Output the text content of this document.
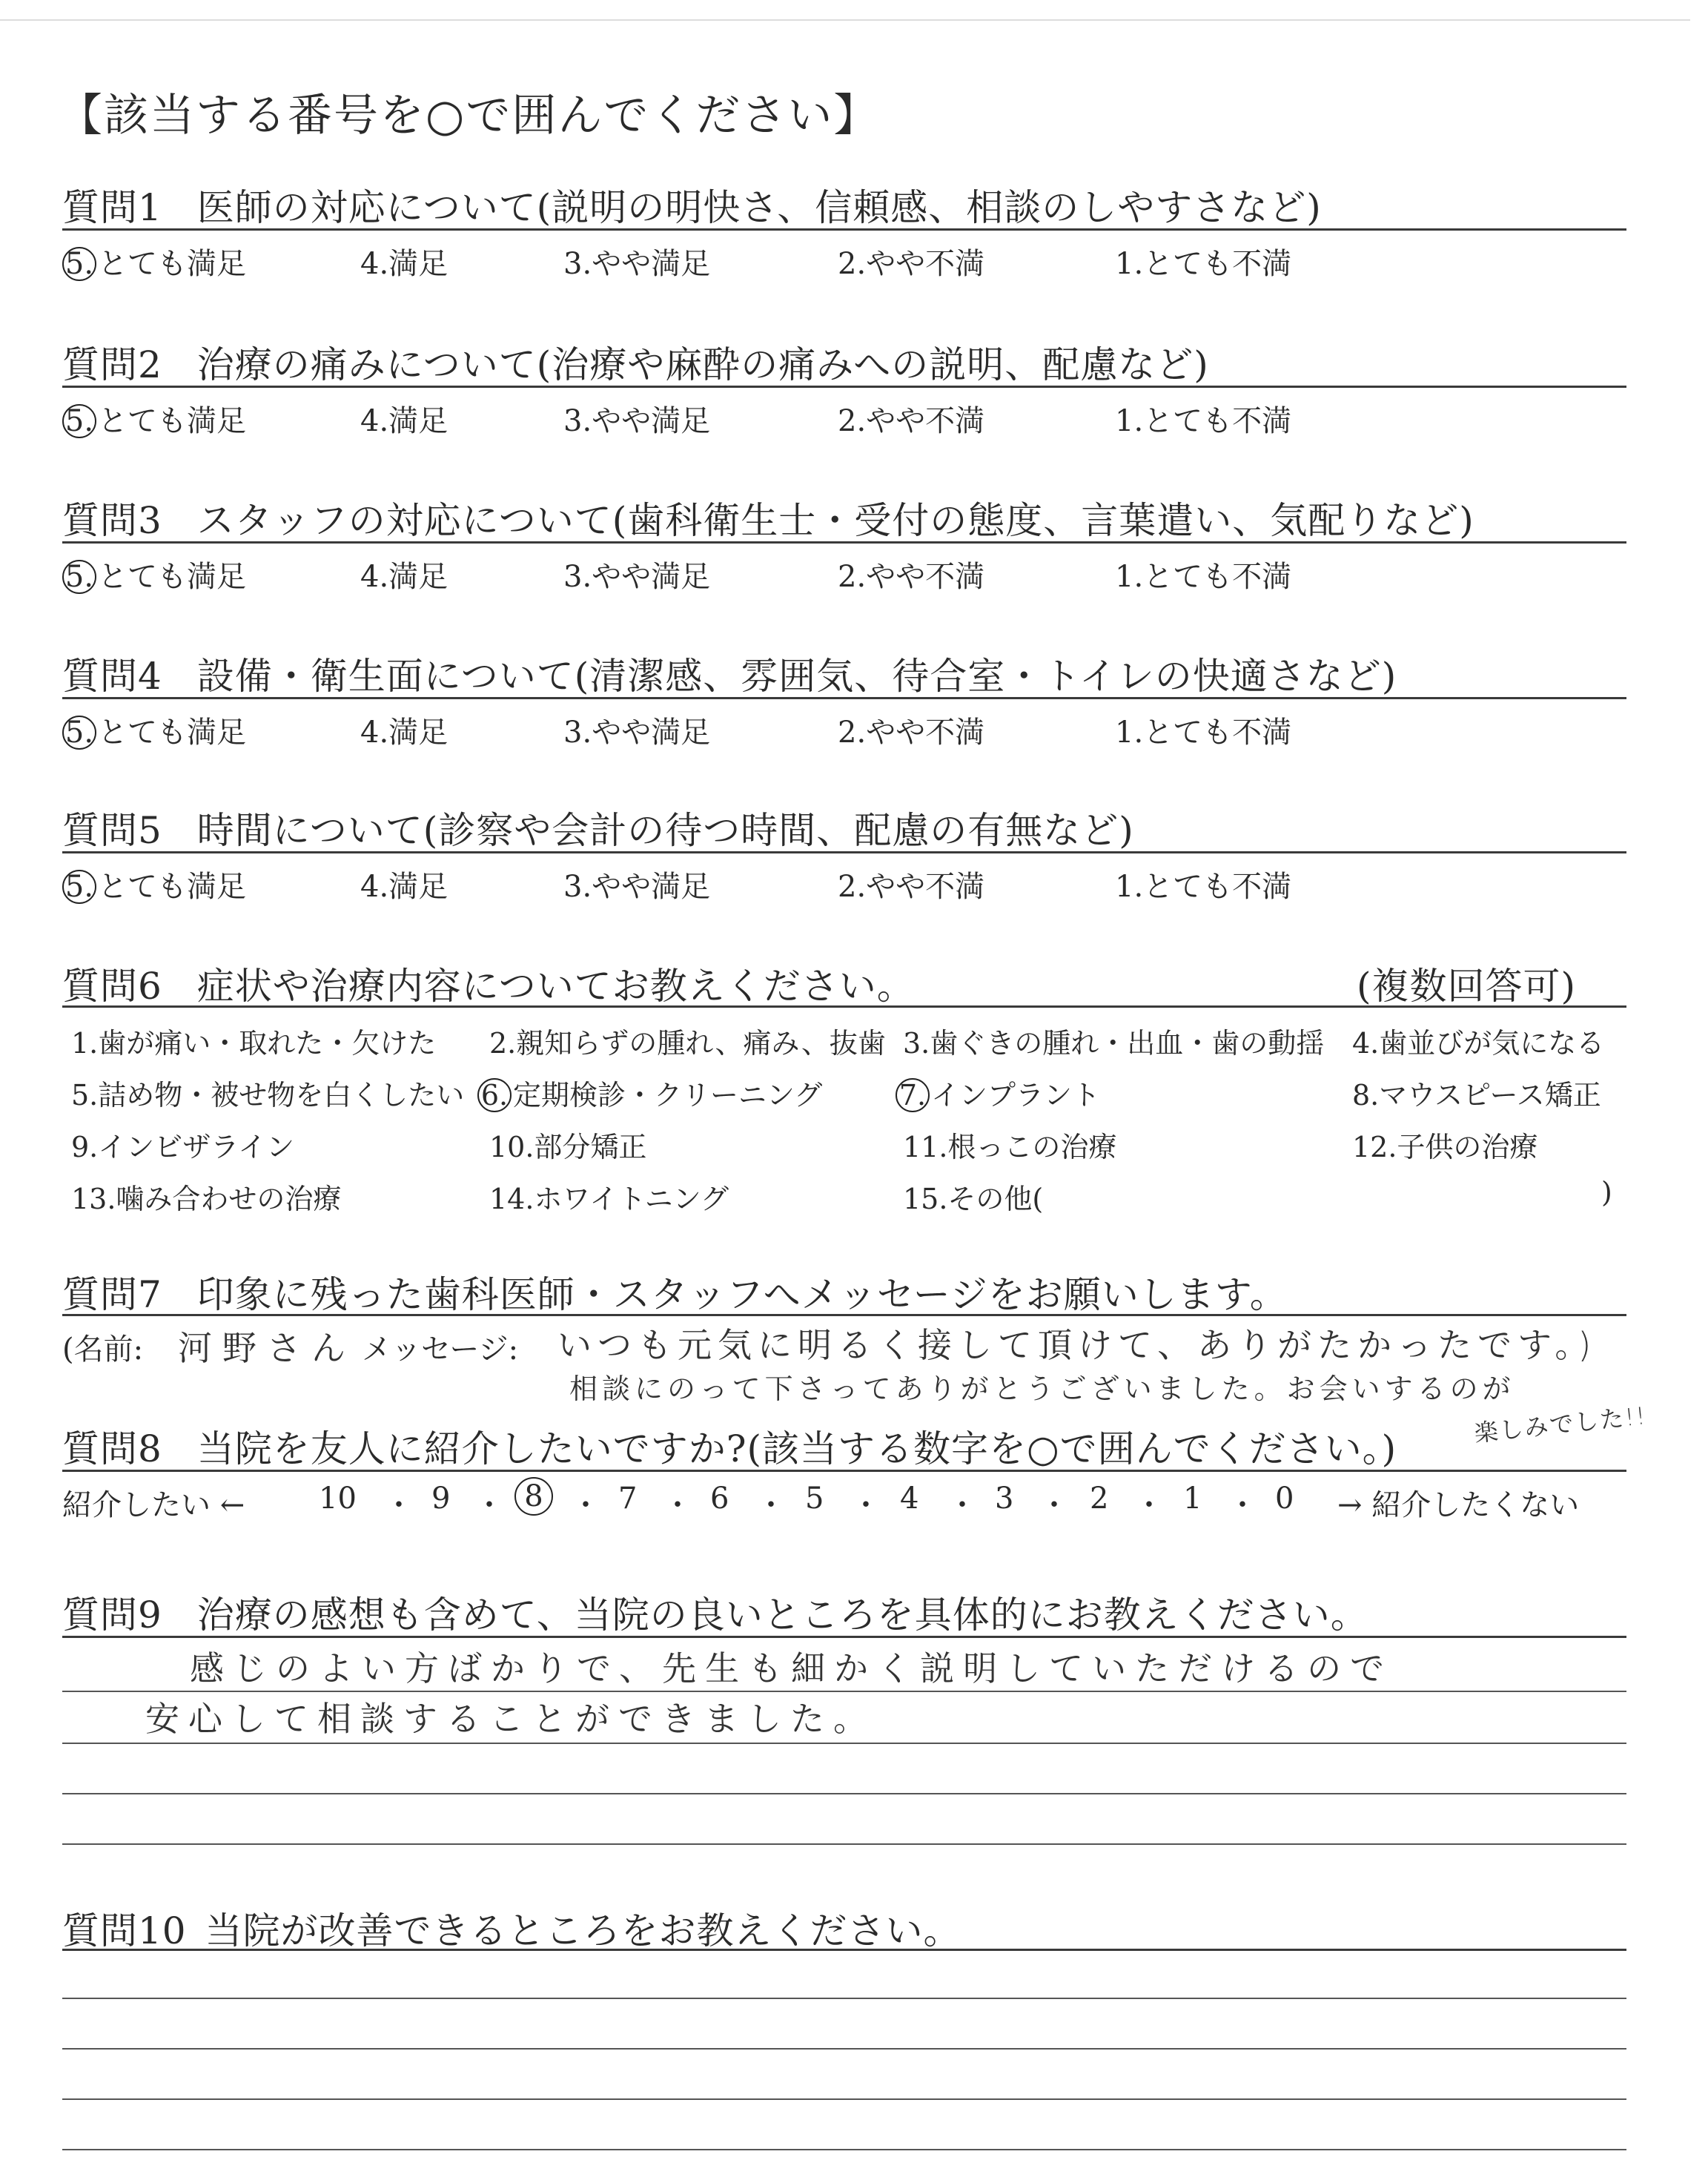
【該当する番号を○で囲んでください】
質問1 医師の対応について(説明の明快さ、信頼感、相談のしやすさなど)
5. とても満足	4.満足	3.やや満足	2.やや不満	1.とても不満
質問2 治療の痛みについて(治療や麻酔の痛みへの説明、配慮など)
5. とても満足	4.満足	3.やや満足	2.やや不満	1.とても不満
質問3 スタッフの対応について(歯科衛生士・受付の態度、言葉遣い、気配りなど)
5. とても満足	4.満足	3.やや満足	2.やや不満	1.とても不満
質問4 設備・衛生面について(清潔感、雰囲気、待合室・トイレの快適さなど)
5. とても満足	4.満足	3.やや満足	2.やや不満	1.とても不満
質問5 時間について(診察や会計の待つ時間、配慮の有無など)
5. とても満足	4.満足	3.やや満足	2.やや不満	1.とても不満
質問6 症状や治療内容についてお教えください。	(複数回答可)
1.歯が痛い・取れた・欠けた 2.親知らずの腫れ、痛み、抜歯 3.歯ぐきの腫れ・出血・歯の動揺 4.歯並びが気になる
5.詰め物・被せ物を白くしたい 6. 定期検診・クリーニング	7. インプラント	8.マウスピース矯正
9.インビザライン	10.部分矯正	11.根っこの治療	12.子供の治療
13.噛み合わせの治療	14.ホワイトニング	15.その他(	)
質問7 印象に残った歯科医師・スタッフへメッセージをお願いします。
(名前: 河野さん メッセージ: いつも元気に明るく接して頂けて、ありがたかったです。)
相談にのって下さってありがとうございました。お会いするのが
楽しみでした!!
質問8 当院を友人に紹介したいですか?(該当する数字を○で囲んでください。)
紹介したい ← 10 ・ 9 ・ 8 ・ 7 ・ 6 ・ 5 ・ 4 ・ 3 ・ 2 ・ 1 ・ 0 → 紹介したくない
質問9 治療の感想も含めて、当院の良いところを具体的にお教えください。
感じのよい方ばかりで、先生も細かく説明していただけるので
安心して相談することができました。
質問10 当院が改善できるところをお教えください。
